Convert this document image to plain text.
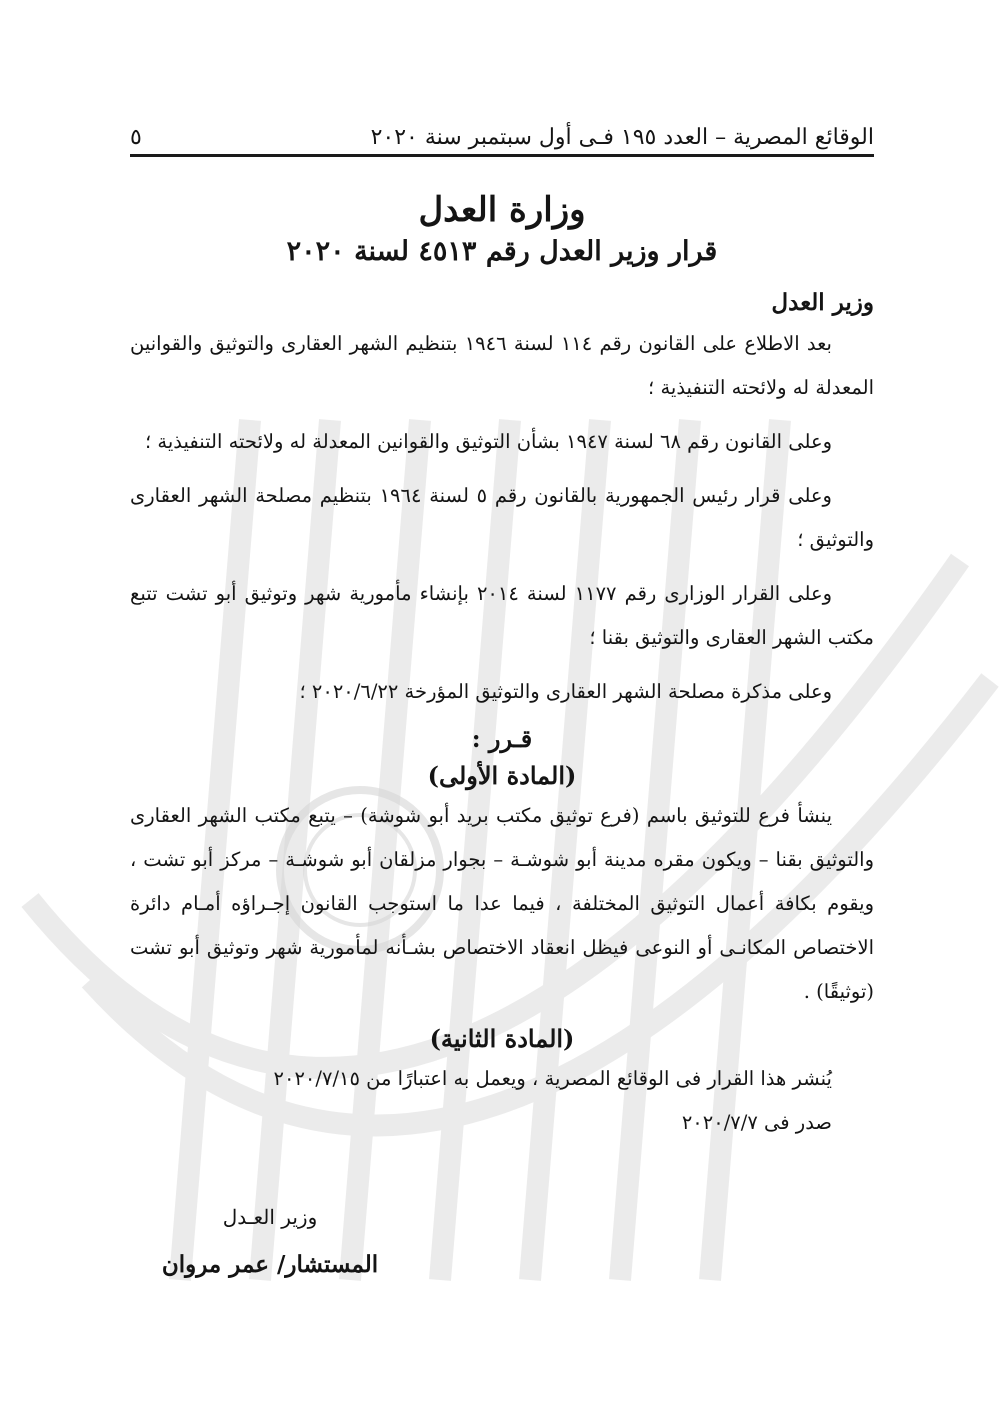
الوقائع المصرية – العدد ١٩٥ فـى أول سبتمبر سنة ٢٠٢٠
٥
وزارة العدل
قرار وزير العدل رقم ٤٥١٣ لسنة ٢٠٢٠
وزير العدل

بعد الاطلاع على القانون رقم ١١٤ لسنة ١٩٤٦ بتنظيم الشهر العقارى والتوثيق والقوانين المعدلة له ولائحته التنفيذية ؛

وعلى القانون رقم ٦٨ لسنة ١٩٤٧ بشأن التوثيق والقوانين المعدلة له ولائحته التنفيذية ؛

وعلى قرار رئيس الجمهورية بالقانون رقم ٥ لسنة ١٩٦٤ بتنظيم مصلحة الشهر العقارى والتوثيق ؛

وعلى القرار الوزارى رقم ١١٧٧ لسنة ٢٠١٤ بإنشاء مأمورية شهر وتوثيق أبو تشت تتبع مكتب الشهر العقارى والتوثيق بقنا ؛

وعلى مذكرة مصلحة الشهر العقارى والتوثيق المؤرخة ٢٠٢٠/٦/٢٢ ؛

قـرر :
(المادة الأولى)

ينشأ فرع للتوثيق باسم (فرع توثيق مكتب بريد أبو شوشة) – يتبع مكتب الشهر العقارى والتوثيق بقنا – ويكون مقره مدينة أبو شوشـة – بجوار مزلقان أبو شوشـة – مركز أبو تشت ، ويقوم بكافة أعمال التوثيق المختلفة ، فيما عدا ما استوجب القانون إجـراؤه أمـام دائرة الاختصاص المكانـى أو النوعى فيظل انعقاد الاختصاص بشـأنه لمأمورية شهر وتوثيق أبو تشت (توثيقًا) .

(المادة الثانية)

يُنشر هذا القرار فى الوقائع المصرية ، ويعمل به اعتبارًا من ٢٠٢٠/٧/١٥

صدر فى ٢٠٢٠/٧/٧

وزير العـدل
المستشار/ عمر مروان
